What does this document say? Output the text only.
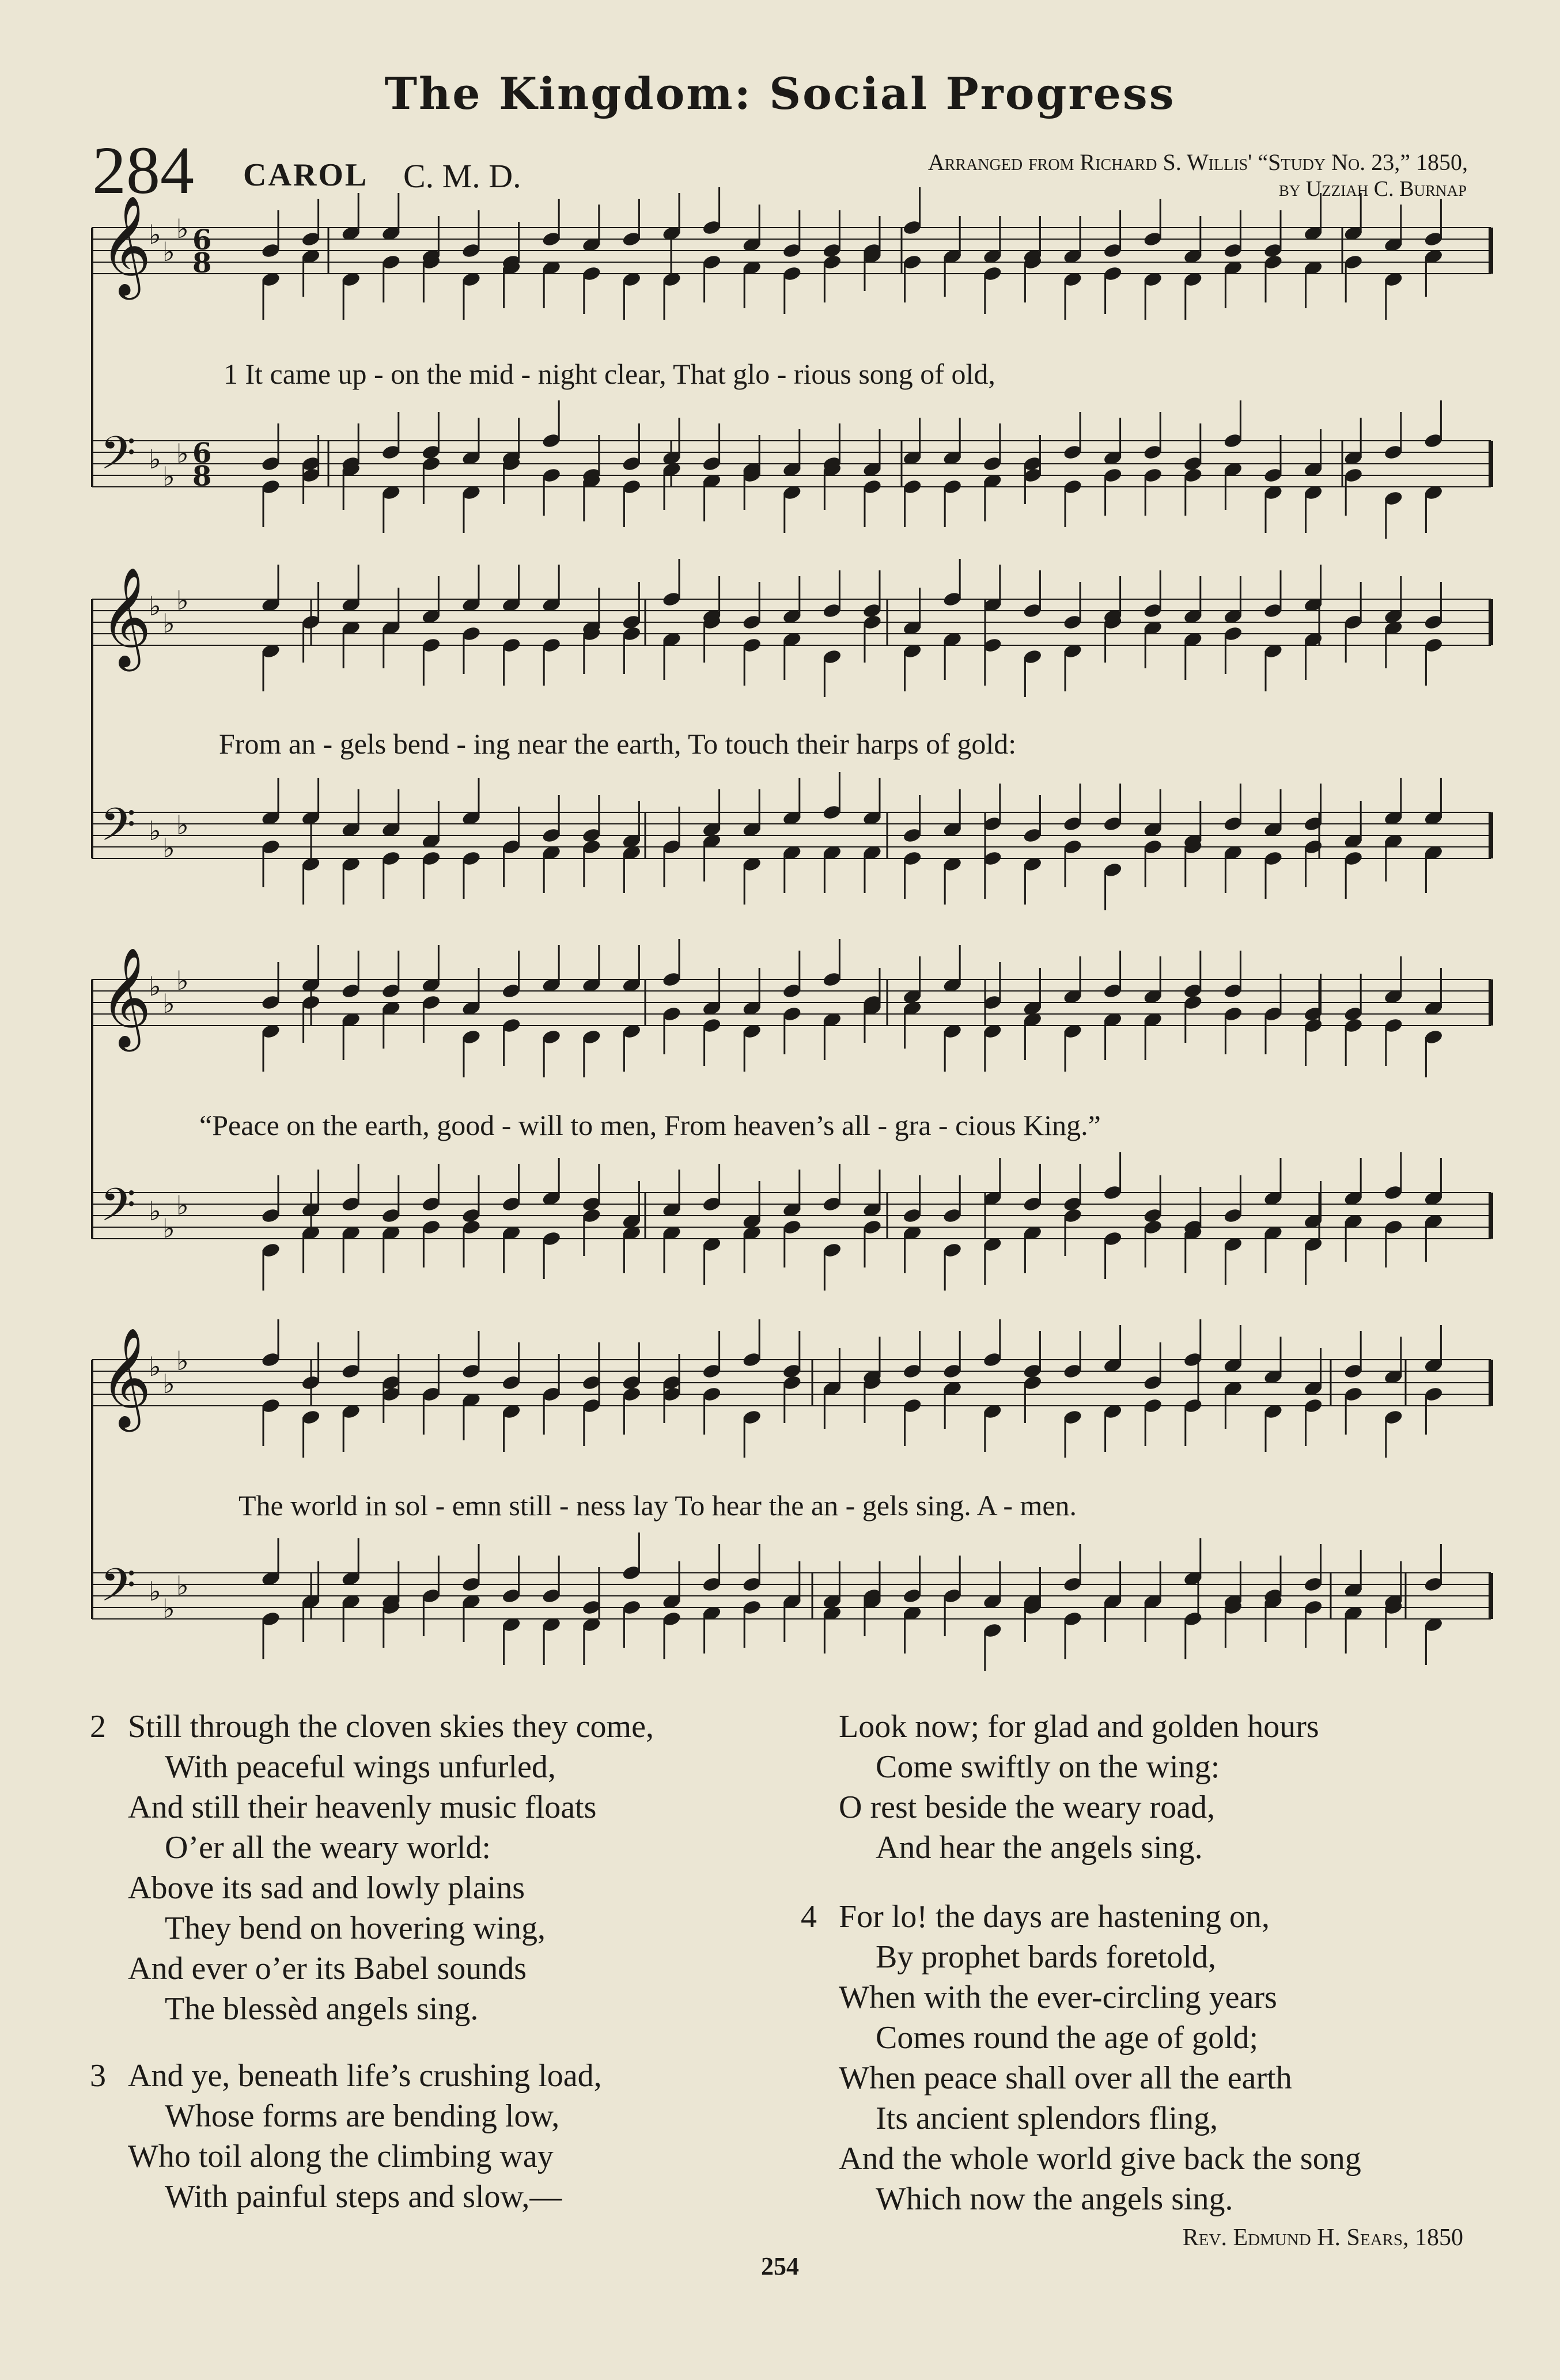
The Kingdom: Social Progress
284 CAROL C. M. D.	Arranged from Richard S. Willis' “Study No. 23,” 1850,
by Uzziah C. Burnap
𝄞
♭
♭
♭ 6
8
𝄢 ♭
♭
♭ 6
8
𝄞
♭
♭
♭
𝄢 ♭
♭
♭
𝄞
♭
♭
♭
𝄢 ♭
♭
♭
𝄞
♭
♭
♭
𝄢 ♭
♭
♭
1 It came up - on the mid - night clear, That glo - rious song of old,
From an - gels bend - ing near the earth, To touch their harps of gold:
“Peace on the earth, good - will to men, From heaven’s all - gra - cious King.”
The world in sol - emn still - ness lay To hear the an - gels sing. A - men.
2 Still through the cloven skies they come,
With peaceful wings unfurled,
And still their heavenly music floats
O’er all the weary world:
Above its sad and lowly plains
They bend on hovering wing,
And ever o’er its Babel sounds
The blessèd angels sing.
3 And ye, beneath life’s crushing load,
Whose forms are bending low,
Who toil along the climbing way
With painful steps and slow,—
Look now; for glad and golden hours
Come swiftly on the wing:
O rest beside the weary road,
And hear the angels sing.
4 For lo! the days are hastening on,
By prophet bards foretold,
When with the ever-circling years
Comes round the age of gold;
When peace shall over all the earth
Its ancient splendors fling,
And the whole world give back the song
Which now the angels sing.
Rev. Edmund H. Sears, 1850
254
